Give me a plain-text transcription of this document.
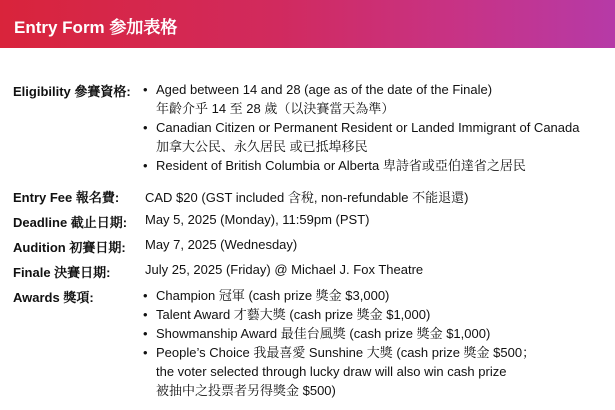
Entry Form 参加表格
Eligibility 參賽資格: • Aged between 14 and 28 (age as of the date of the Finale)
年齡介乎 14 至 28 歲（以決賽當天為準）
• Canadian Citizen or Permanent Resident or Landed Immigrant of Canada
加拿大公民、永久居民 或已抵埠移民
• Resident of British Columbia or Alberta 卑詩省或亞伯達省之居民
Entry Fee 報名費: CAD $20 (GST included 含稅, non-refundable 不能退還)
Deadline 截止日期: May 5, 2025 (Monday), 11:59pm (PST)
Audition 初賽日期: May 7, 2025 (Wednesday)
Finale 決賽日期:	July 25, 2025 (Friday) @ Michael J. Fox Theatre
Awards 獎項:	• Champion 冠軍 (cash prize 獎金 $3,000)
• Talent Award 才藝大獎 (cash prize 獎金 $1,000)
• Showmanship Award 最佳台風獎 (cash prize 獎金 $1,000)
• People’s Choice 我最喜愛 Sunshine 大獎 (cash prize 獎金 $500；
the voter selected through lucky draw will also win cash prize
被抽中之投票者另得獎金 $500)
